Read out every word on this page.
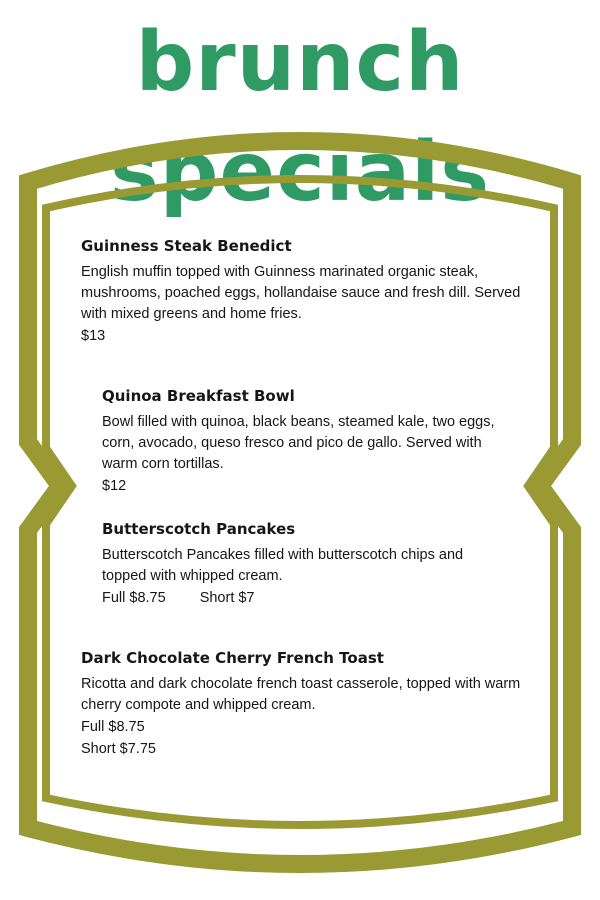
brunch specials
Guinness Steak Benedict

English muffin topped with Guinness marinated organic steak, mushrooms, poached eggs, hollandaise sauce and fresh dill. Served with mixed greens and home fries.

$13
Quinoa Breakfast Bowl

Bowl filled with quinoa, black beans, steamed kale, two eggs, corn, avocado, queso fresco and pico de gallo. Served with warm corn tortillas.

$12
Butterscotch Pancakes

Butterscotch Pancakes filled with butterscotch chips and topped with whipped cream.

Full $8.75 Short $7
Dark Chocolate Cherry French Toast

Ricotta and dark chocolate french toast casserole, topped with warm cherry compote and whipped cream.

Full $8.75
Short $7.75
